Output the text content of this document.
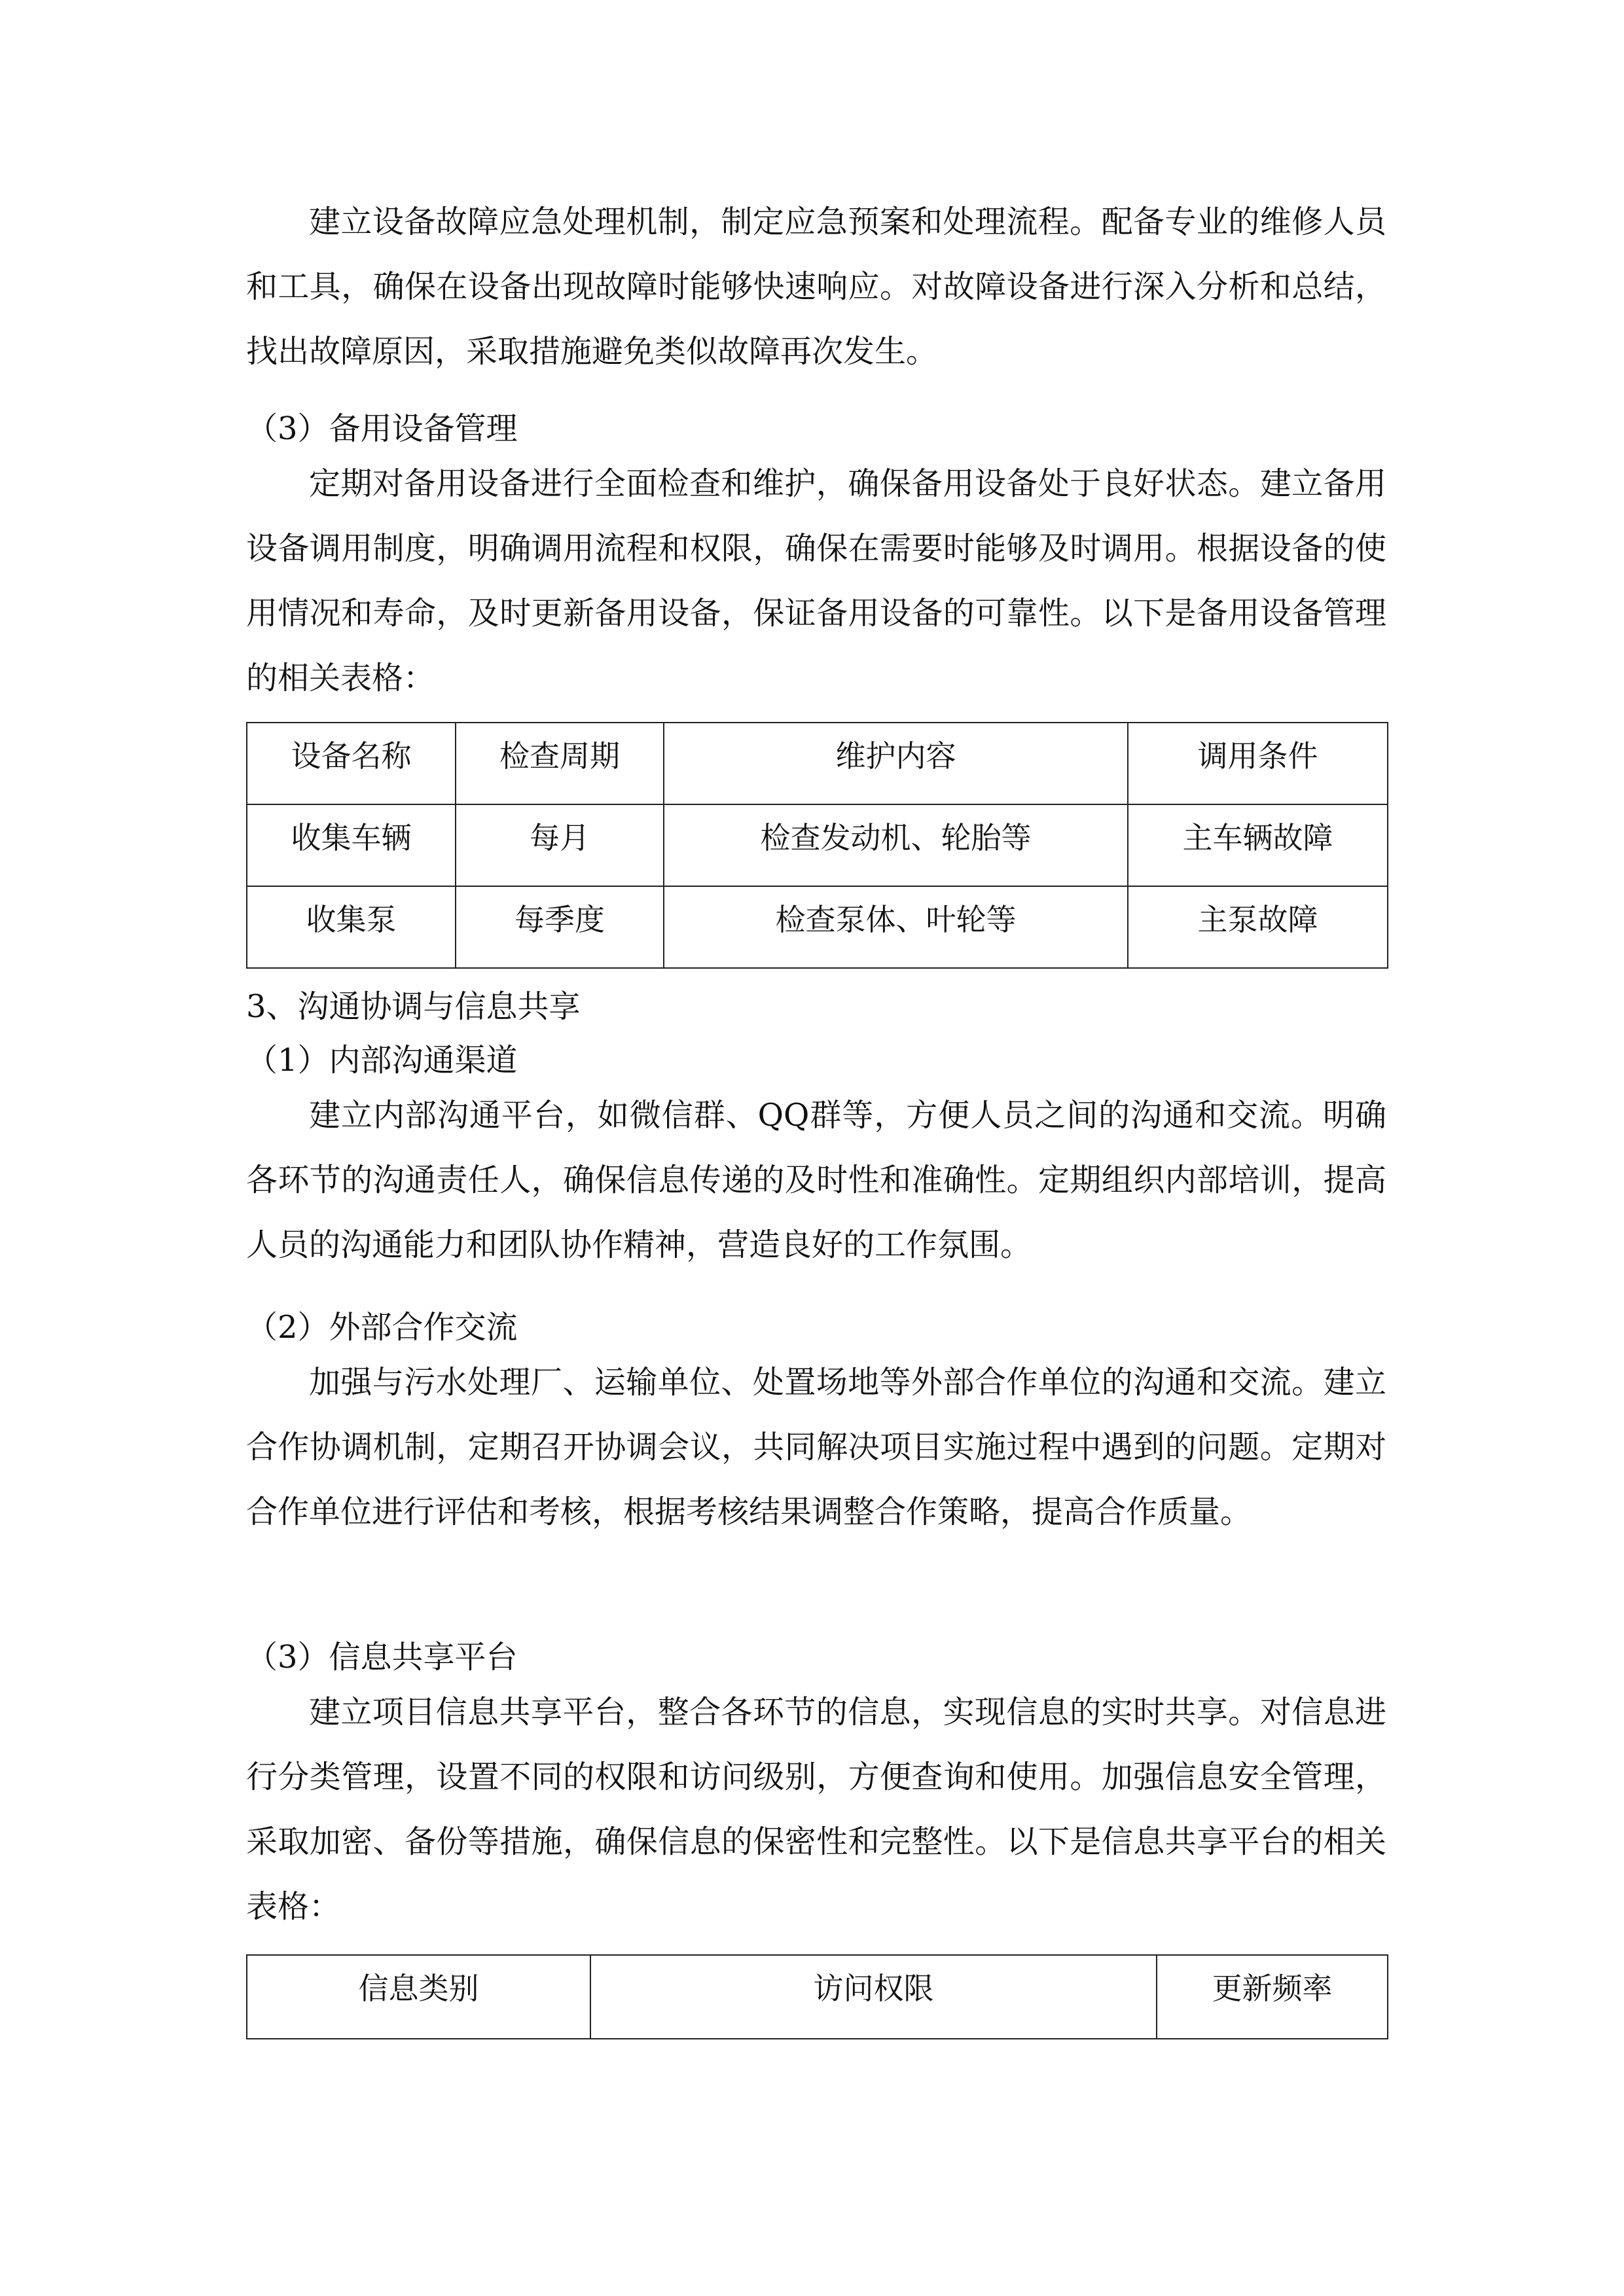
建立设备故障应急处理机制，制定应急预案和处理流程。配备专业的维修人员和工具，确保在设备出现故障时能够快速响应。对故障设备进行深入分析和总结，找出故障原因，采取措施避免类似故障再次发生。

（3）备用设备管理

定期对备用设备进行全面检查和维护，确保备用设备处于良好状态。建立备用设备调用制度，明确调用流程和权限，确保在需要时能够及时调用。根据设备的使用情况和寿命，及时更新备用设备，保证备用设备的可靠性。以下是备用设备管理的相关表格：

设备名称	检查周期	维护内容	调用条件
收集车辆	每月	检查发动机、轮胎等	主车辆故障
收集泵	每季度	检查泵体、叶轮等	主泵故障

3、沟通协调与信息共享

（1）内部沟通渠道

建立内部沟通平台，如微信群、QQ群等，方便人员之间的沟通和交流。明确各环节的沟通责任人，确保信息传递的及时性和准确性。定期组织内部培训，提高人员的沟通能力和团队协作精神，营造良好的工作氛围。

（2）外部合作交流

加强与污水处理厂、运输单位、处置场地等外部合作单位的沟通和交流。建立合作协调机制，定期召开协调会议，共同解决项目实施过程中遇到的问题。定期对合作单位进行评估和考核，根据考核结果调整合作策略，提高合作质量。

（3）信息共享平台

建立项目信息共享平台，整合各环节的信息，实现信息的实时共享。对信息进行分类管理，设置不同的权限和访问级别，方便查询和使用。加强信息安全管理，采取加密、备份等措施，确保信息的保密性和完整性。以下是信息共享平台的相关表格：

信息类别	访问权限	更新频率
